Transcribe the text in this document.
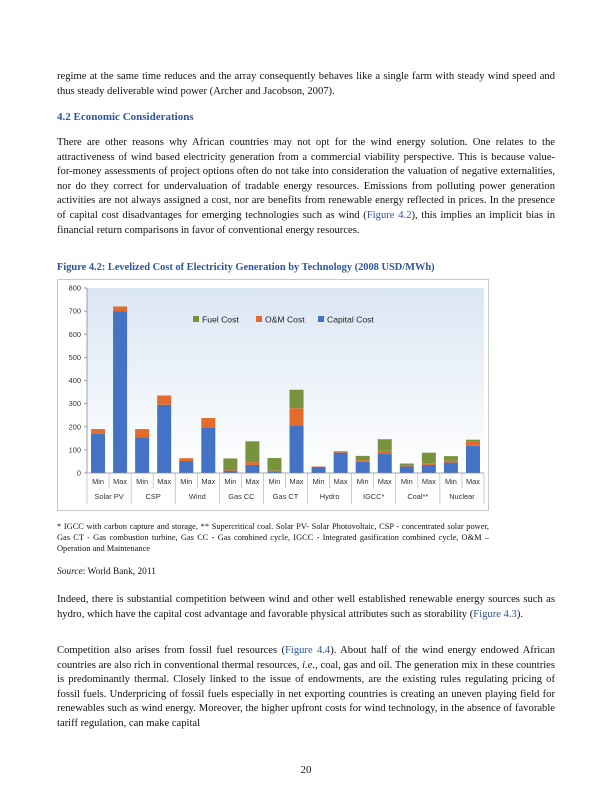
regime at the same time reduces and the array consequently behaves like a single farm with steady wind speed and thus steady deliverable wind power (Archer and Jacobson, 2007).

4.2 Economic Considerations

There are other reasons why African countries may not opt for the wind energy solution. One relates to the attractiveness of wind based electricity generation from a commercial viability perspective. This is because value-for-money assessments of project options often do not take into consideration the valuation of negative externalities, nor do they correct for undervaluation of tradable energy resources. Emissions from polluting power generation activities are not always assigned a cost, nor are benefits from renewable energy reflected in prices. In the presence of capital cost disadvantages for emerging technologies such as wind (Figure 4.2), this implies an implicit bias in financial return comparisons in favor of conventional energy resources.

Figure 4.2: Levelized Cost of Electricity Generation by Technology (2008 USD/MWh)

0
100
200
300
400
500
600
700
800
Min Max Min Max Min Max Min Max Min Max Min Max Min Max Min Max Min Max
Solar PV	CSP	Wind	Gas CC Gas CT	Hydro	IGCC*	Coal**	Nuclear
Fuel Cost	O&M Cost	Capital Cost

* IGCC with carbon capture and storage, ** Supercritical coal. Solar PV- Solar Photovoltaic, CSP - concentrated solar power, Gas CT - Gas combustion turbine, Gas CC - Gas combined cycle, IGCC - Integrated gasification combined cycle, O&M – Operation and Maintenance

Source: World Bank, 2011

Indeed, there is substantial competition between wind and other well established renewable energy sources such as hydro, which have the capital cost advantage and favorable physical attributes such as storability (Figure 4.3).

Competition also arises from fossil fuel resources (Figure 4.4). About half of the wind energy endowed African countries are also rich in conventional thermal resources, i.e., coal, gas and oil. The generation mix in these countries is predominantly thermal. Closely linked to the issue of endowments, are the existing rules regulating pricing of fossil fuels. Underpricing of fossil fuels especially in net exporting countries is creating an uneven playing field for renewables such as wind energy. Moreover, the higher upfront costs for wind technology, in the absence of favorable tariff regulation, can make capital

20
